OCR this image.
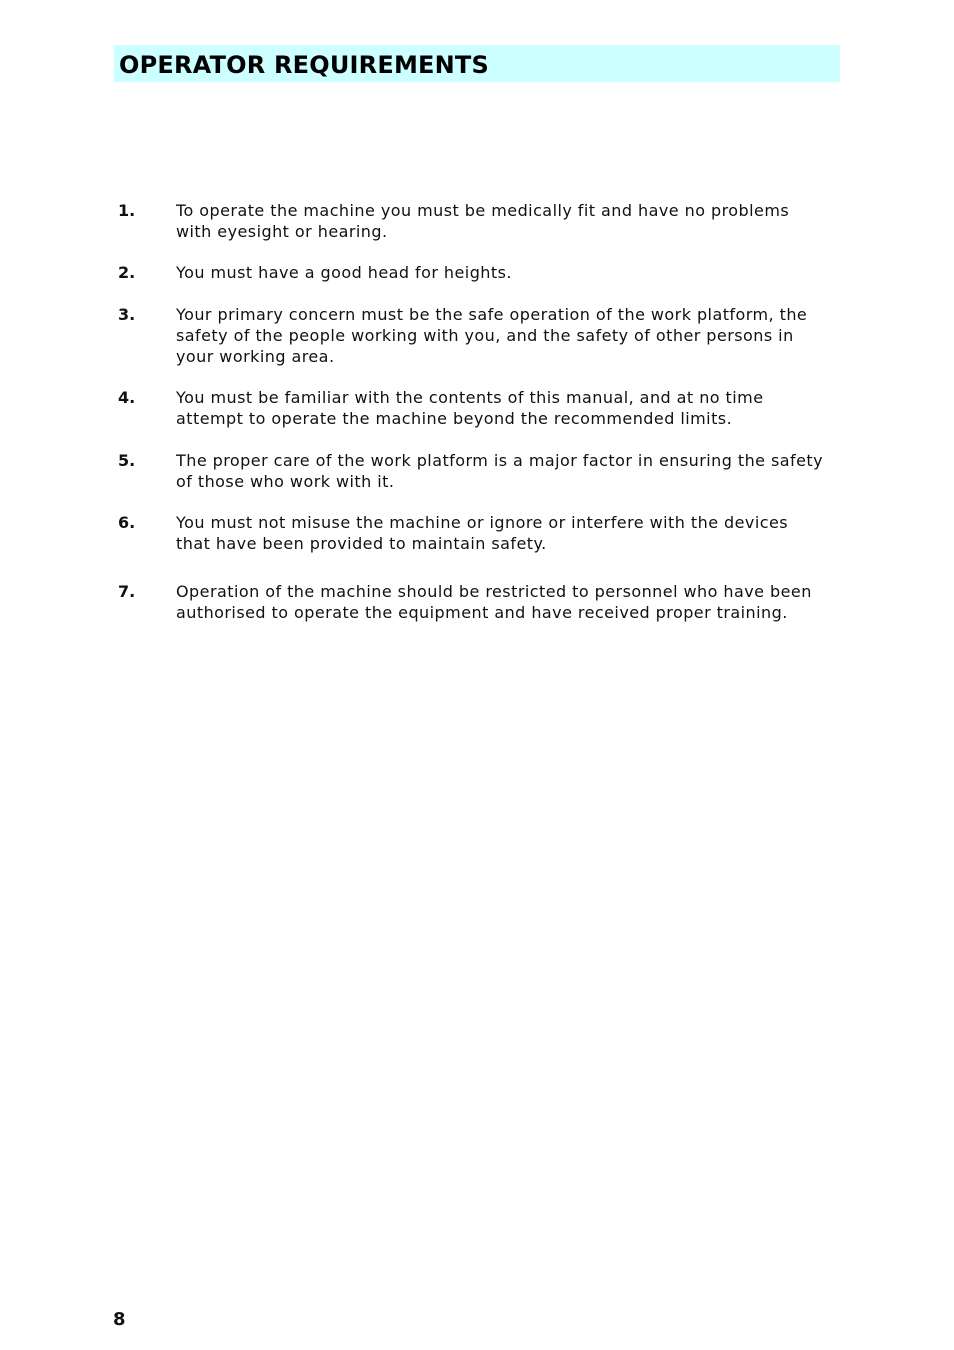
OPERATOR REQUIREMENTS
1.	To operate the machine you must be medically fit and have no problems
with eyesight or hearing.
2.	You must have a good head for heights.
3.	Your primary concern must be the safe operation of the work platform, the
safety of the people working with you, and the safety of other persons in
your working area.
4.	You must be familiar with the contents of this manual, and at no time
attempt to operate the machine beyond the recommended limits.
5.	The proper care of the work platform is a major factor in ensuring the safety
of those who work with it.
6.	You must not misuse the machine or ignore or interfere with the devices
that have been provided to maintain safety.
7.	Operation of the machine should be restricted to personnel who have been
authorised to operate the equipment and have received proper training.
8
